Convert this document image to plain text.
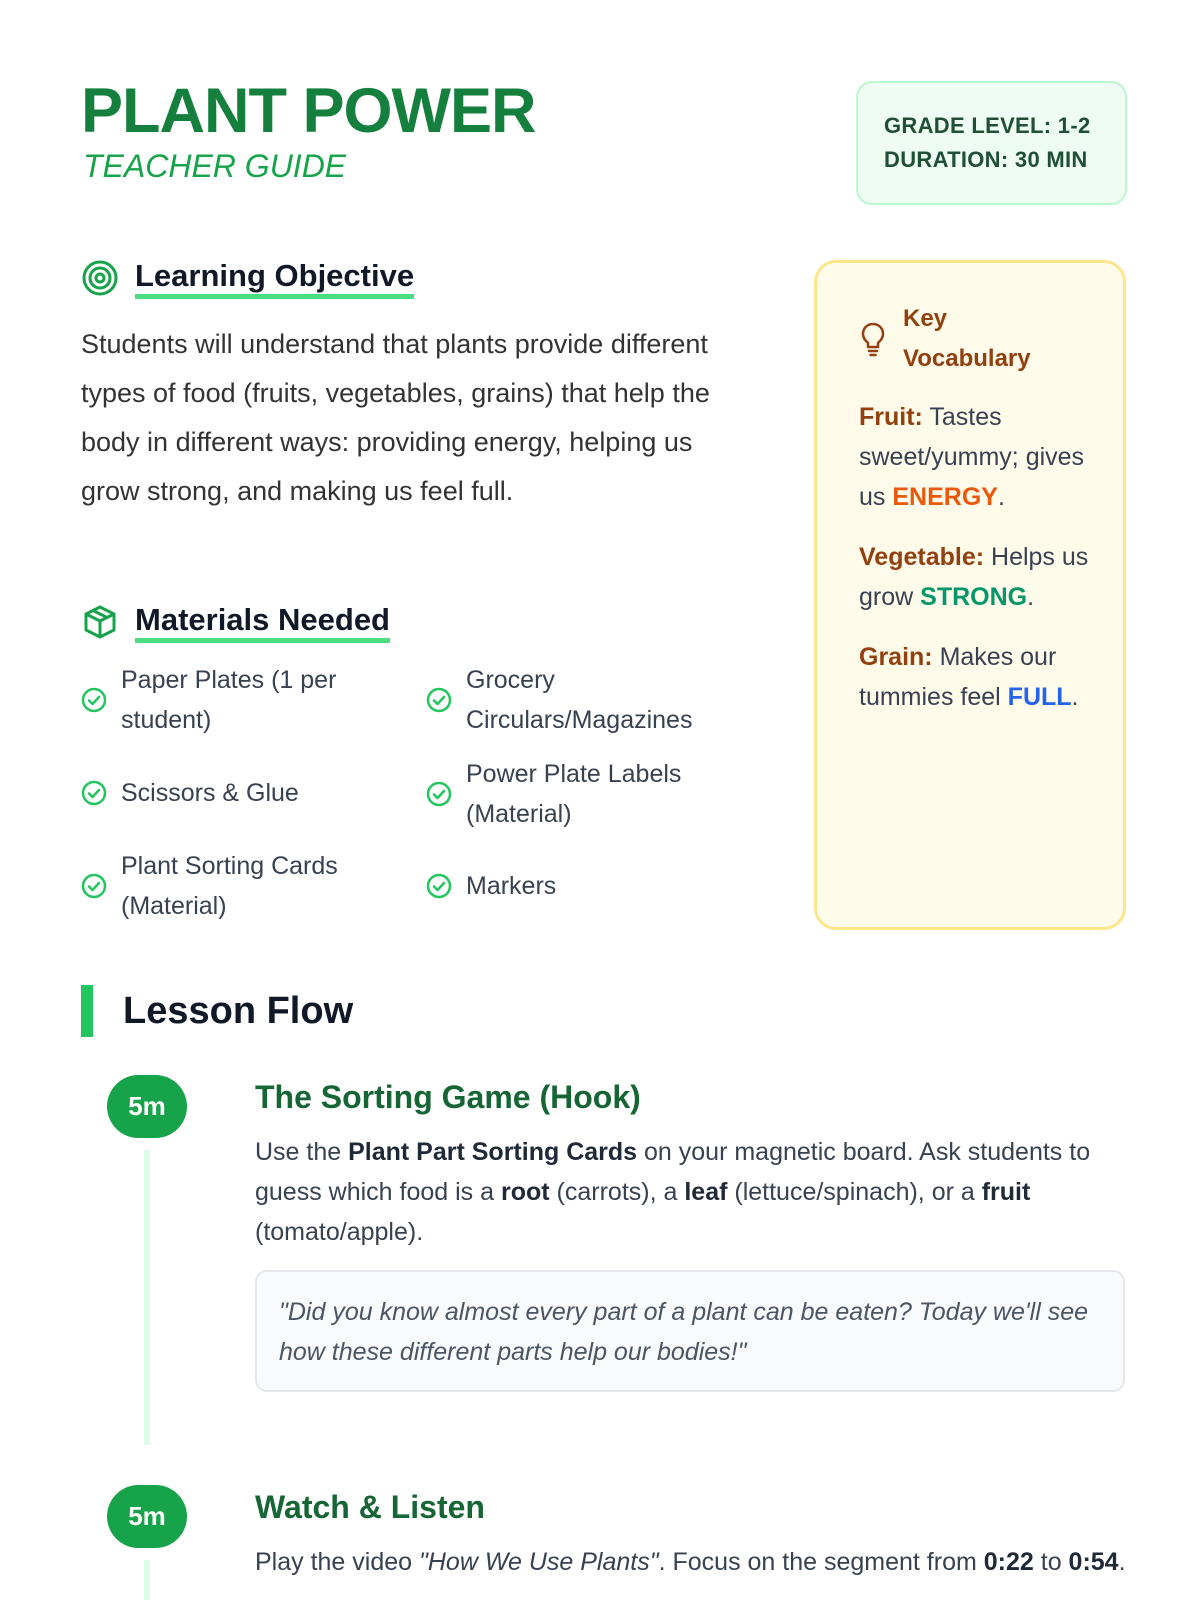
PLANT POWER
TEACHER GUIDE
GRADE LEVEL: 1-2
DURATION: 30 MIN
Learning Objective
Students will understand that plants provide different types of food (fruits, vegetables, grains) that help the body in different ways: providing energy, helping us grow strong, and making us feel full.
Materials Needed
Paper Plates (1 per student)
Grocery Circulars/Magazines
Scissors & Glue
Power Plate Labels (Material)
Plant Sorting Cards (Material)
Markers
Key Vocabulary

Fruit: Tastes sweet/yummy; gives us ENERGY.

Vegetable: Helps us grow STRONG.

Grain: Makes our tummies feel FULL.

Lesson Flow
5m	The Sorting Game (Hook)
Use the Plant Part Sorting Cards on your magnetic board. Ask students to guess which food is a root (carrots), a leaf (lettuce/spinach), or a fruit (tomato/apple).
"Did you know almost every part of a plant can be eaten? Today we'll see how these different parts help our bodies!"
5m	Watch & Listen
Play the video "How We Use Plants". Focus on the segment from 0:22 to 0:54.
